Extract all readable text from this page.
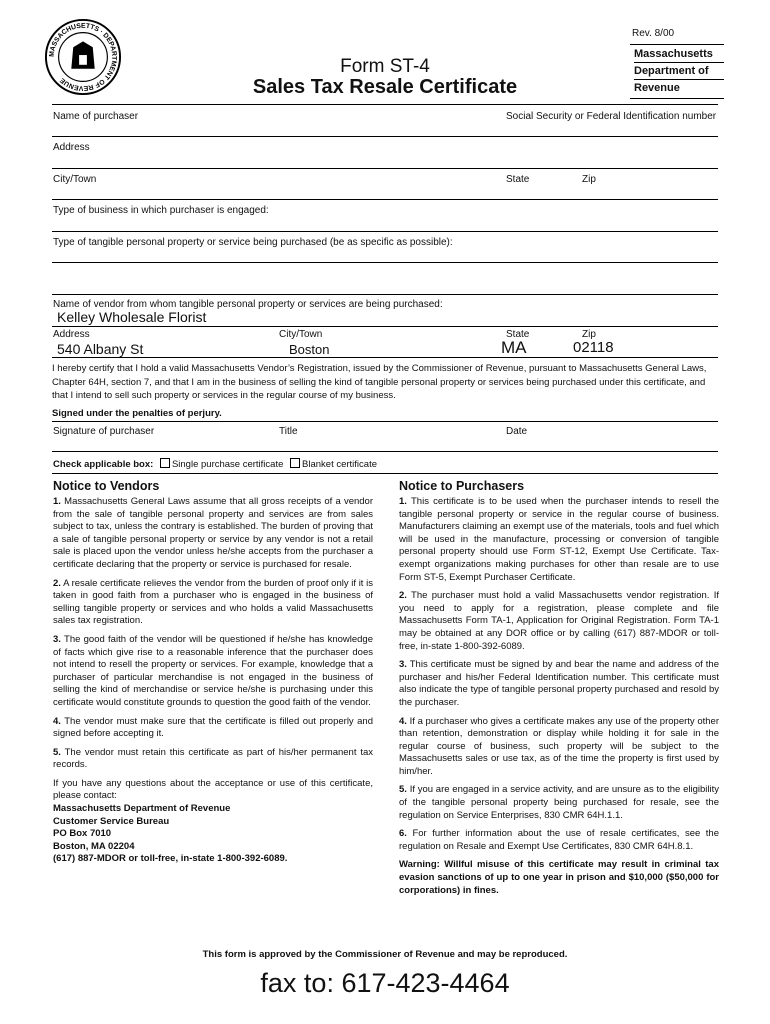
MASSACHUSETTS · DEPARTMENT OF REVENUE
Rev. 8/00
Massachusetts
Department of
Revenue
Form ST-4
Sales Tax Resale Certificate
Name of purchaser	Social Security or Federal Identification number
Address
City/Town	State	Zip
Type of business in which purchaser is engaged:
Type of tangible personal property or service being purchased (be as specific as possible):
Name of vendor from whom tangible personal property or services are being purchased:
Kelley Wholesale Florist
Address	City/Town	State	Zip
540 Albany St	Boston	MA	02118
I hereby certify that I hold a valid Massachusetts Vendor’s Registration, issued by the Commissioner of Revenue, pursuant to Massachusetts General Laws, Chapter 64H, section 7, and that I am in the business of selling the kind of tangible personal property or services being purchased under this certificate, and that I intend to sell such property or services in the regular course of my business.
Signed under the penalties of perjury.
Signature of purchaser	Title	Date
Check applicable box: Single purchase certificate Blanket certificate
Notice to Vendors

1. Massachusetts General Laws assume that all gross receipts of a vendor from the sale of tangible personal property and services are from sales subject to tax, unless the contrary is established. The burden of proving that a sale of tangible personal property or service by any vendor is not a retail sale is placed upon the vendor unless he/she accepts from the purchaser a certificate declaring that the property or service is purchased for resale.

2. A resale certificate relieves the vendor from the burden of proof only if it is taken in good faith from a purchaser who is engaged in the business of selling tangible property or services and who holds a valid Massachusetts sales tax registration.

3. The good faith of the vendor will be questioned if he/she has knowledge of facts which give rise to a reasonable inference that the purchaser does not intend to resell the property or services. For example, knowledge that a purchaser of particular merchandise is not engaged in the business of selling the kind of merchandise or service he/she is purchasing under this certificate would constitute grounds to question the good faith of the vendor.

4. The vendor must make sure that the certificate is filled out properly and signed before accepting it.

5. The vendor must retain this certificate as part of his/her permanent tax records.

If you have any questions about the acceptance or use of this certificate, please contact:

Massachusetts Department of Revenue
Customer Service Bureau
PO Box 7010
Boston, MA 02204
(617) 887-MDOR or toll-free, in-state 1-800-392-6089.
Notice to Purchasers

1. This certificate is to be used when the purchaser intends to resell the tangible personal property or service in the regular course of business. Manufacturers claiming an exempt use of the materials, tools and fuel which will be used in the manufacture, processing or conversion of tangible personal property should use Form ST-12, Exempt Use Certificate. Tax-exempt organizations making purchases for other than resale are to use Form ST-5, Exempt Purchaser Certificate.

2. The purchaser must hold a valid Massachusetts vendor registration. If you need to apply for a registration, please complete and file Massachusetts Form TA-1, Application for Original Registration. Form TA-1 may be obtained at any DOR office or by calling (617) 887-MDOR or toll-free, in-state 1-800-392-6089.

3. This certificate must be signed by and bear the name and address of the purchaser and his/her Federal Identification number. This certificate must also indicate the type of tangible personal property purchased and resold by the purchaser.

4. If a purchaser who gives a certificate makes any use of the property other than retention, demonstration or display while holding it for sale in the regular course of business, such property will be subject to the Massachusetts sales or use tax, as of the time the property is first used by him/her.

5. If you are engaged in a service activity, and are unsure as to the eligibility of the tangible personal property being purchased for resale, see the regulation on Service Enterprises, 830 CMR 64H.1.1.

6. For further information about the use of resale certificates, see the regulation on Resale and Exempt Use Certificates, 830 CMR 64H.8.1.

Warning: Willful misuse of this certificate may result in criminal tax evasion sanctions of up to one year in prison and $10,000 ($50,000 for corporations) in fines.

This form is approved by the Commissioner of Revenue and may be reproduced.
fax to: 617-423-4464
